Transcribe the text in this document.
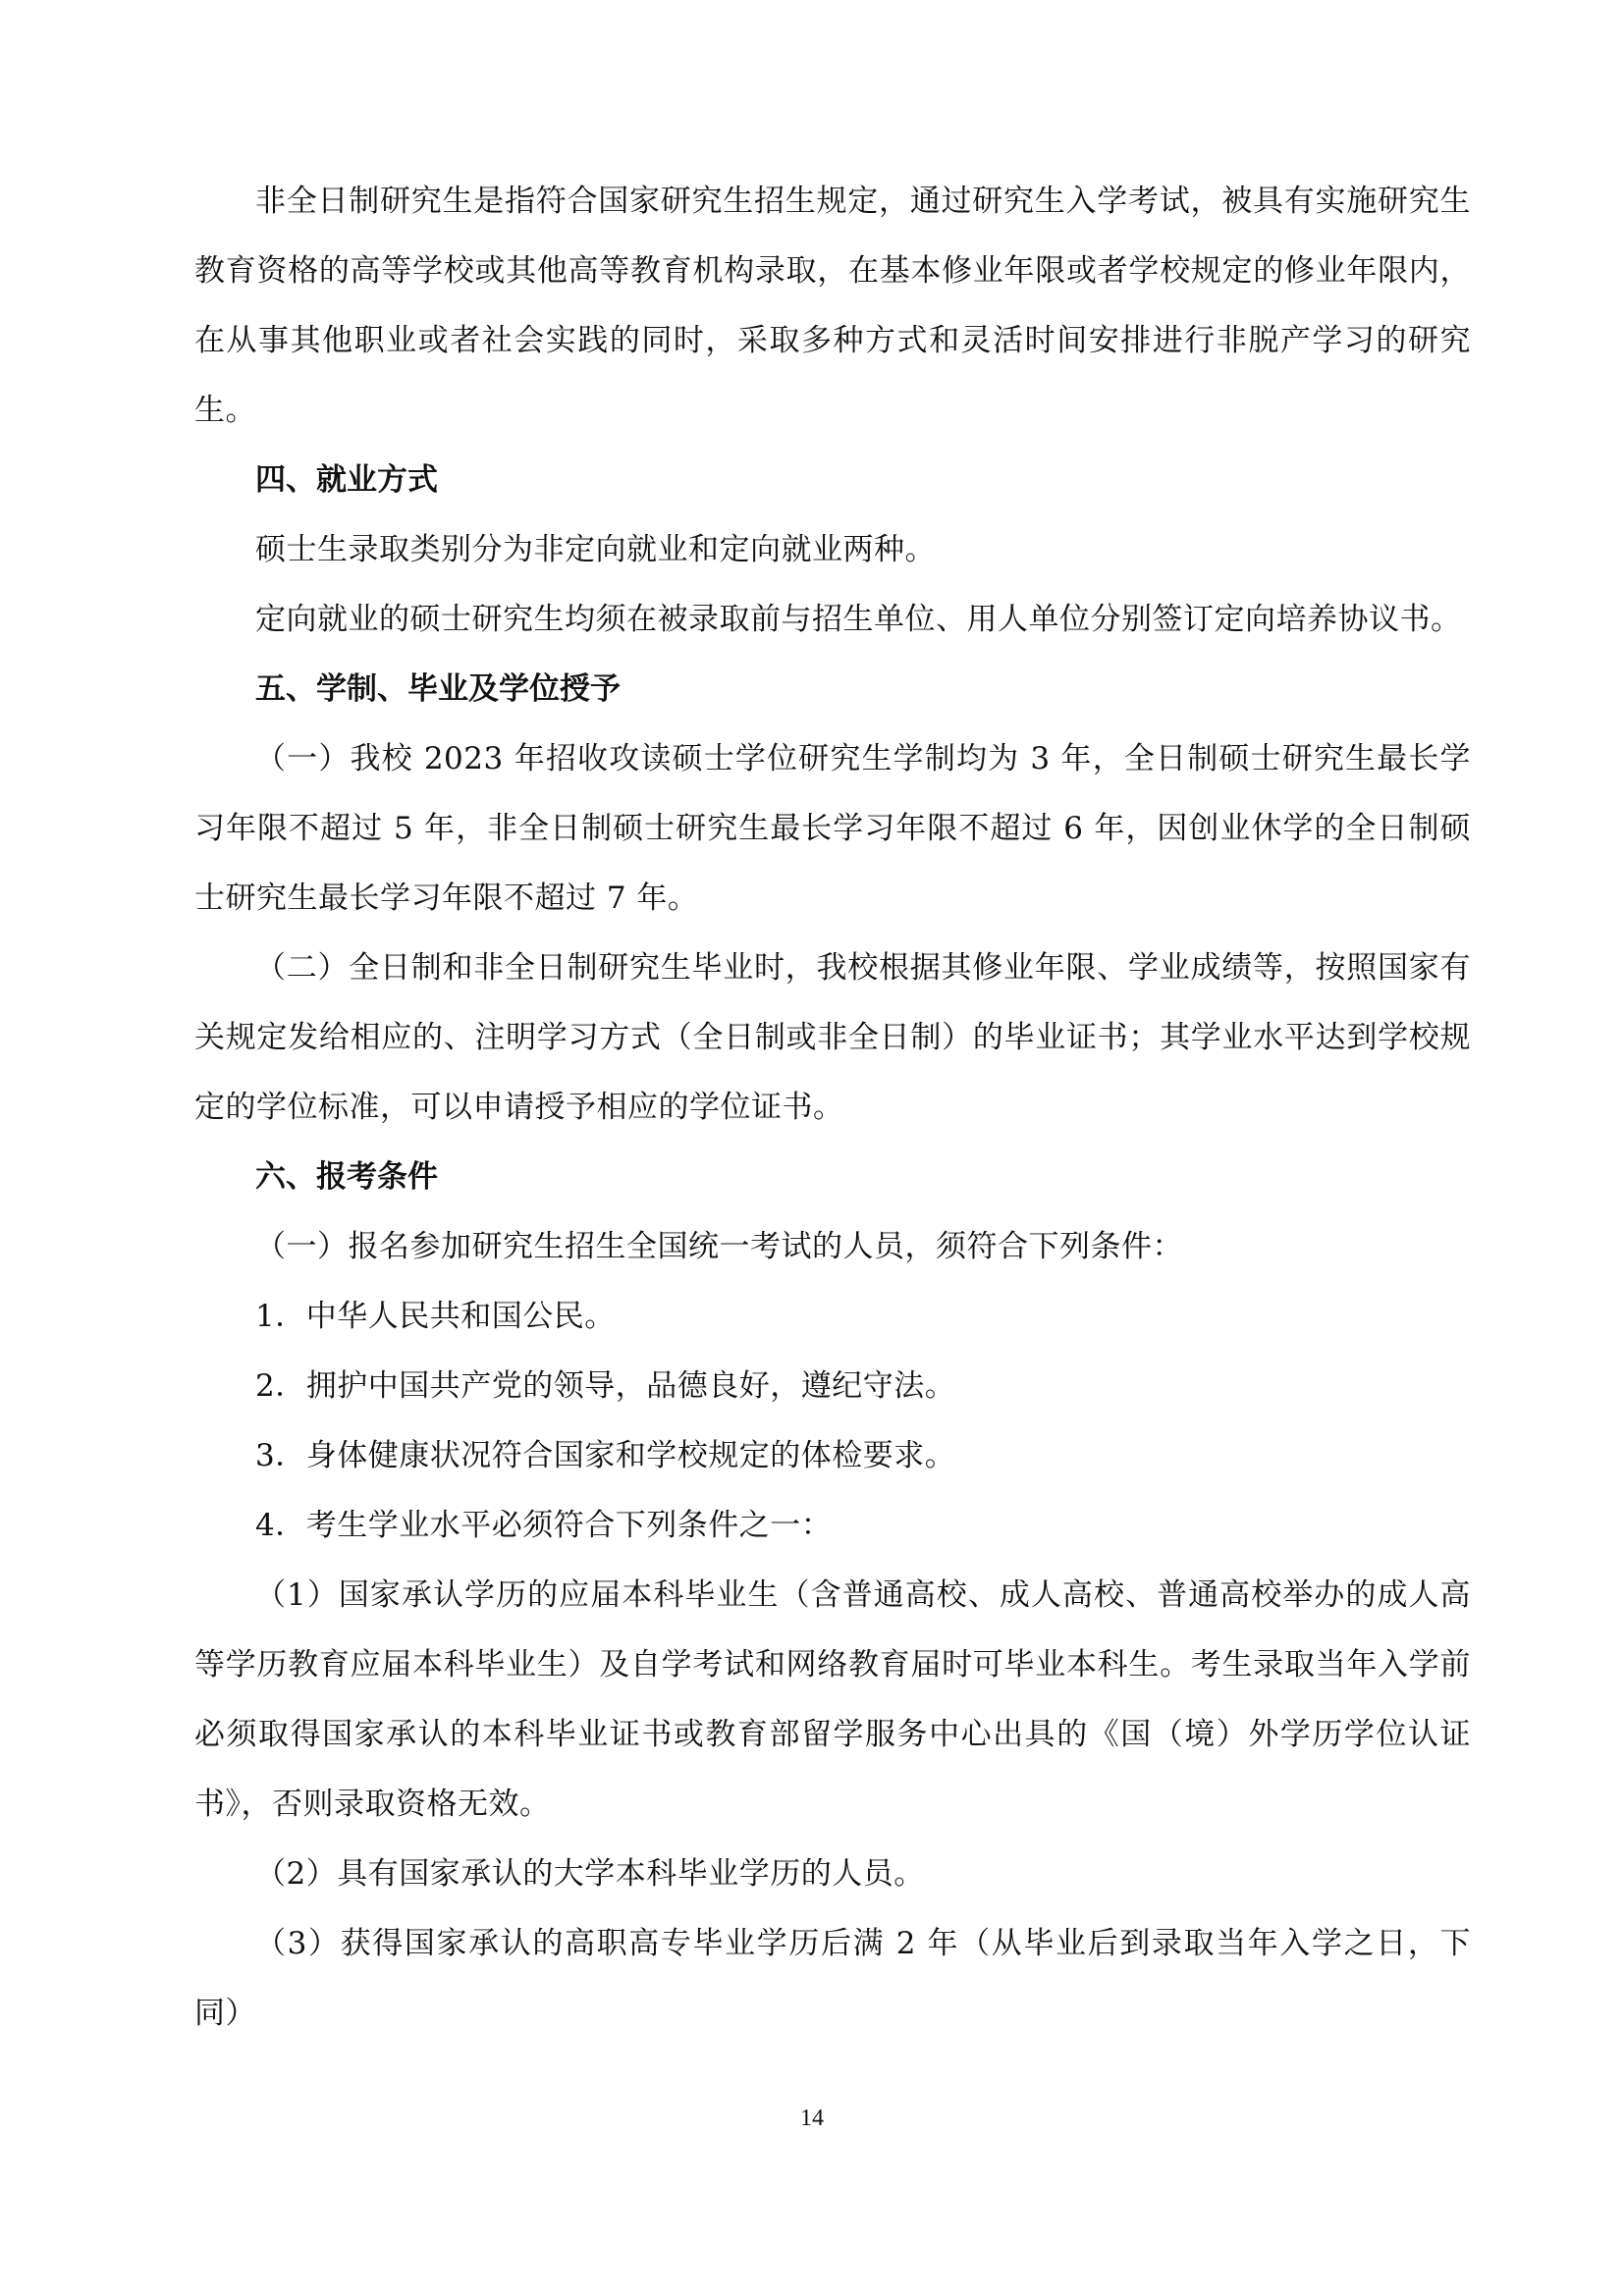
非全日制研究生是指符合国家研究生招生规定，通过研究生入学考试，被具有实施研究生教育资格的高等学校或其他高等教育机构录取，在基本修业年限或者学校规定的修业年限内，在从事其他职业或者社会实践的同时，采取多种方式和灵活时间安排进行非脱产学习的研究生。

四、就业方式

硕士生录取类别分为非定向就业和定向就业两种。

定向就业的硕士研究生均须在被录取前与招生单位、用人单位分别签订定向培养协议书。

五、学制、毕业及学位授予

（一）我校 2023 年招收攻读硕士学位研究生学制均为 3 年，全日制硕士研究生最长学习年限不超过 5 年，非全日制硕士研究生最长学习年限不超过 6 年，因创业休学的全日制硕士研究生最长学习年限不超过 7 年。

（二）全日制和非全日制研究生毕业时，我校根据其修业年限、学业成绩等，按照国家有关规定发给相应的、注明学习方式（全日制或非全日制）的毕业证书；其学业水平达到学校规定的学位标准，可以申请授予相应的学位证书。

六、报考条件

（一）报名参加研究生招生全国统一考试的人员，须符合下列条件：

1．中华人民共和国公民。

2．拥护中国共产党的领导，品德良好，遵纪守法。

3．身体健康状况符合国家和学校规定的体检要求。

4．考生学业水平必须符合下列条件之一：

（1）国家承认学历的应届本科毕业生（含普通高校、成人高校、普通高校举办的成人高等学历教育应届本科毕业生）及自学考试和网络教育届时可毕业本科生。考生录取当年入学前必须取得国家承认的本科毕业证书或教育部留学服务中心出具的《国（境）外学历学位认证书》，否则录取资格无效。

（2）具有国家承认的大学本科毕业学历的人员。

（3）获得国家承认的高职高专毕业学历后满 2 年（从毕业后到录取当年入学之日，下同）

14
